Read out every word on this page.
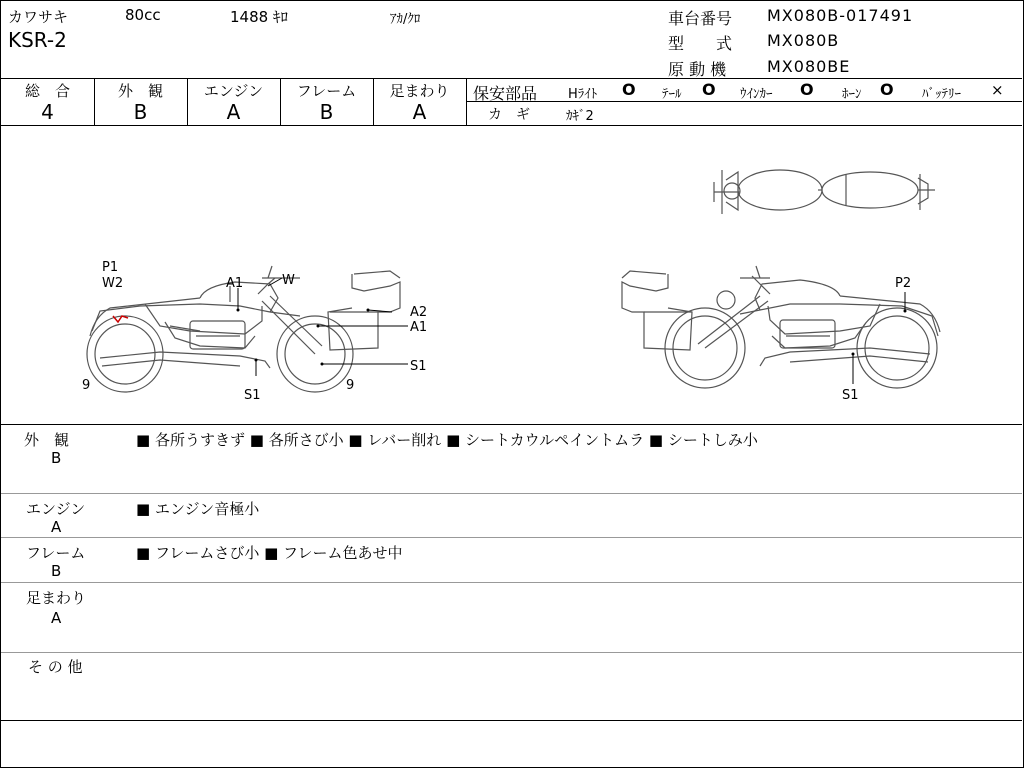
カワサキ	80cc	1488 ｷﾛ	ｱｶ/ｸﾛ
KSR-2
車台番号 MX080B-017491
型　　式 MX080B
原 動 機	MX080BE
総　合
4
外　観
B
エンジン
A
フレーム
B
足まわり
A
保安部品 Hﾗｲﾄ O ﾃｰﾙ O ｳｲﾝｶｰ O ﾎｰﾝ O ﾊﾞｯﾃﾘｰ ×
カ　ギ	ｶｷﾞ2
P1
W2	A1	W
A2
A1
S1
9
S1
9
P2
S1
外　観
B
■ 各所うすきず ■ 各所さび小 ■ レバー削れ ■ シートカウルペイントムラ ■ シートしみ小
エンジン
A
■ エンジン音極小
フレーム
B
■ フレームさび小 ■ フレーム色あせ中
足まわり
A
そ の 他
